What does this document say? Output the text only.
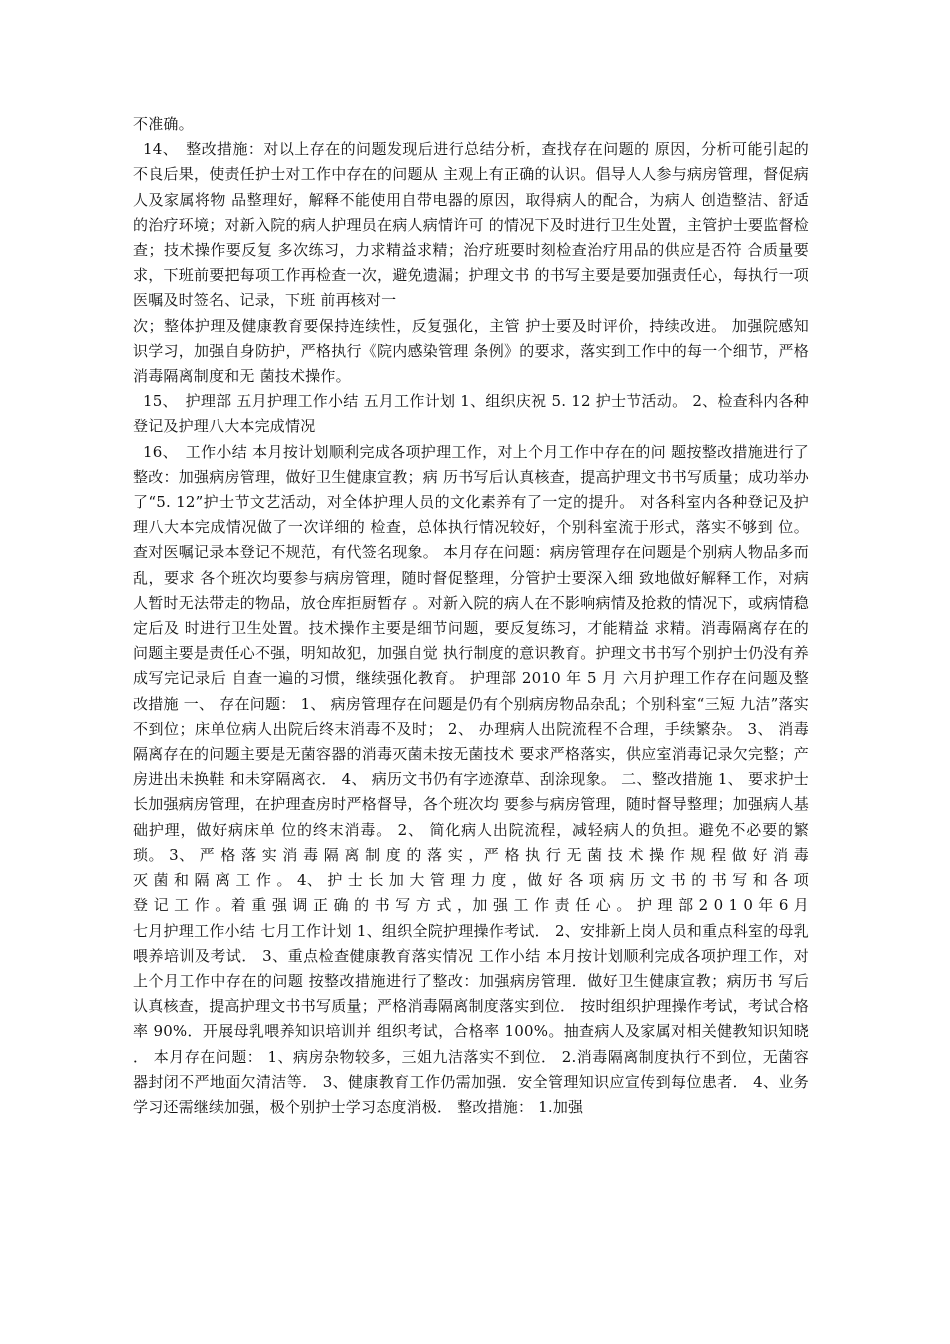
不准确。

14、　整改措施：对以上存在的问题发现后进行总结分析，查找存在问题的 原因，分析可能引起的不良后果，使责任护士对工作中存在的问题从 主观上有正确的认识。倡导人人参与病房管理，督促病人及家属将物 品整理好，解释不能使用自带电器的原因，取得病人的配合，为病人 创造整洁、舒适的治疗环境；对新入院的病人护理员在病人病情许可 的情况下及时进行卫生处置，主管护士要监督检查；技术操作要反复 多次练习，力求精益求精；治疗班要时刻检查治疗用品的供应是否符 合质量要求，下班前要把每项工作再检查一次，避免遗漏；护理文书 的书写主要是要加强责任心，每执行一项医嘱及时签名、记录，下班 前再核对一

次；整体护理及健康教育要保持连续性，反复强化，主管 护士要及时评价，持续改进。 加强院感知识学习，加强自身防护，严格执行《院内感染管理 条例》的要求，落实到工作中的每一个细节，严格消毒隔离制度和无 菌技术操作。

15、　护理部 五月护理工作小结 五月工作计划 1、组织庆祝 5. 12 护士节活动。 2、检查科内各种登记及护理八大本完成情况

16、　工作小结 本月按计划顺利完成各项护理工作，对上个月工作中存在的问 题按整改措施进行了整改：加强病房管理，做好卫生健康宣教；病 历书写后认真核查，提高护理文书书写质量；成功举办了“5. 12”护士节文艺活动，对全体护理人员的文化素养有了一定的提升。 对各科室内各种登记及护理八大本完成情况做了一次详细的 检查，总体执行情况较好，个别科室流于形式，落实不够到 位。查对医嘱记录本登记不规范，有代签名现象。 本月存在问题：病房管理存在问题是个别病人物品多而乱，要求 各个班次均要参与病房管理，随时督促整理，分管护士要深入细 致地做好解释工作，对病人暂时无法带走的物品，放仓库拒厨暂存 。对新入院的病人在不影响病情及抢救的情况下，或病情稳定后及 时进行卫生处置。技术操作主要是细节问题，要反复练习，才能精益 求精。消毒隔离存在的问题主要是责任心不强，明知故犯，加强自觉 执行制度的意识教育。护理文书书写个别护士仍没有养成写完记录后 自查一遍的习惯，继续强化教育。 护理部 2010 年 5 月 六月护理工作存在问题及整改措施 一、 存在问题： 1、 病房管理存在问题是仍有个别病房物品杂乱；个别科室“三短 九洁”落实不到位；床单位病人出院后终末消毒不及时； 2、 办理病人出院流程不合理，手续繁杂。 3、 消毒隔离存在的问题主要是无菌容器的消毒灭菌未按无菌技术 要求严格落实，供应室消毒记录欠完整；产房进出未换鞋 和未穿隔离衣． 4、 病历文书仍有字迹潦草、刮涂现象。 二、整改措施 1、 要求护士长加强病房管理，在护理查房时严格督导，各个班次均 要参与病房管理，随时督导整理；加强病人基础护理，做好病床单 位的终末消毒。 2、 简化病人出院流程，减轻病人的负担。避免不必要的繁琐。 3、 严 格 落 实 消 毒 隔 离 制 度 的 落 实 ，严 格 执 行 无 菌 技 术 操 作 规 程 做 好 消 毒 灭 菌 和 隔 离 工 作 。 4、 护 士 长 加 大 管 理 力 度 ，做 好 各 项 病 历 文 书 的 书 写 和 各 项 登 记 工 作 。着 重 强 调 正 确 的 书 写 方 式 ，加 强 工 作 责 任 心 。 护 理 部 2 0 1 0 年 6 月 七月护理工作小结 七月工作计划 1、组织全院护理操作考试． 2、安排新上岗人员和重点科室的母乳喂养培训及考试． 3、重点检查健康教育落实情况 工作小结 本月按计划顺利完成各项护理工作，对上个月工作中存在的问题 按整改措施进行了整改：加强病房管理．做好卫生健康宣教；病历书 写后认真核查，提高护理文书书写质量；严格消毒隔离制度落实到位． 按时组织护理操作考试，考试合格率 90%．开展母乳喂养知识培训并 组织考试，合格率 100%。抽查病人及家属对相关健教知识知晓 ． 本月存在问题： 1、病房杂物较多，三姐九洁落实不到位． 2.消毒隔离制度执行不到位，无菌容器封闭不严地面欠清洁等． 3、健康教育工作仍需加强．安全管理知识应宣传到每位患者． 4、业务学习还需继续加强，极个别护士学习态度消极． 整改措施： 1.加强
